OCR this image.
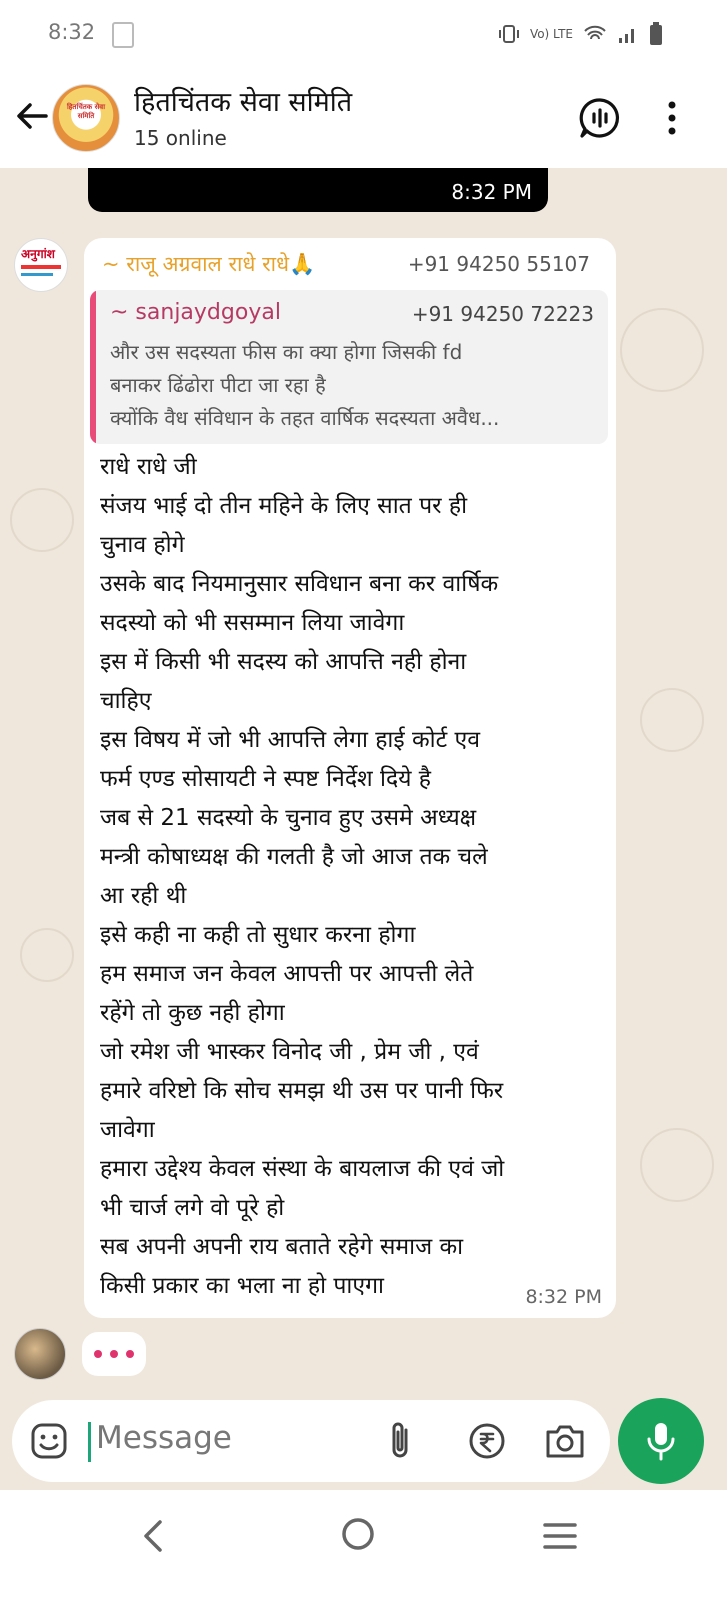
8:32	Vo) LTE
हितचिंतक सेवा समिति	हितचिंतक सेवा समिति
15 online
8:32 PM
अनुगांश ~ राजू अग्रवाल राधे राधे🙏	+91 94250 55107
~ sanjaydgoyal	+91 94250 72223
और उस सदस्यता फीस का क्या होगा जिसकी fd
बनाकर ढिंढोरा पीटा जा रहा है
क्योंकि वैध संविधान के तहत वार्षिक सदस्यता अवैध...
राधे राधे जी
संजय भाई दो तीन महिने के लिए सात पर ही
चुनाव होगे
उसके बाद नियमानुसार सविधान बना कर वार्षिक
सदस्यो को भी ससम्मान लिया जावेगा
इस में किसी भी सदस्य को आपत्ति नही होना
चाहिए
इस विषय में जो भी आपत्ति लेगा हाई कोर्ट एव
फर्म एण्ड सोसायटी ने स्पष्ट निर्देश दिये है
जब से 21 सदस्यो के चुनाव हुए उसमे अध्यक्ष
मन्त्री कोषाध्यक्ष की गलती है जो आज तक चले
आ रही थी
इसे कही ना कही तो सुधार करना होगा
हम समाज जन केवल आपत्ती पर आपत्ती लेते
रहेंगे तो कुछ नही होगा
जो रमेश जी भास्कर विनोद जी , प्रेम जी , एवं
हमारे वरिष्टो कि सोच समझ थी उस पर पानी फिर
जावेगा
हमारा उद्देश्य केवल संस्था के बायलाज की एवं जो
भी चार्ज लगे वो पूरे हो
सब अपनी अपनी राय बताते रहेगे समाज का
किसी प्रकार का भला ना हो पाएगा	8:32 PM
Message
